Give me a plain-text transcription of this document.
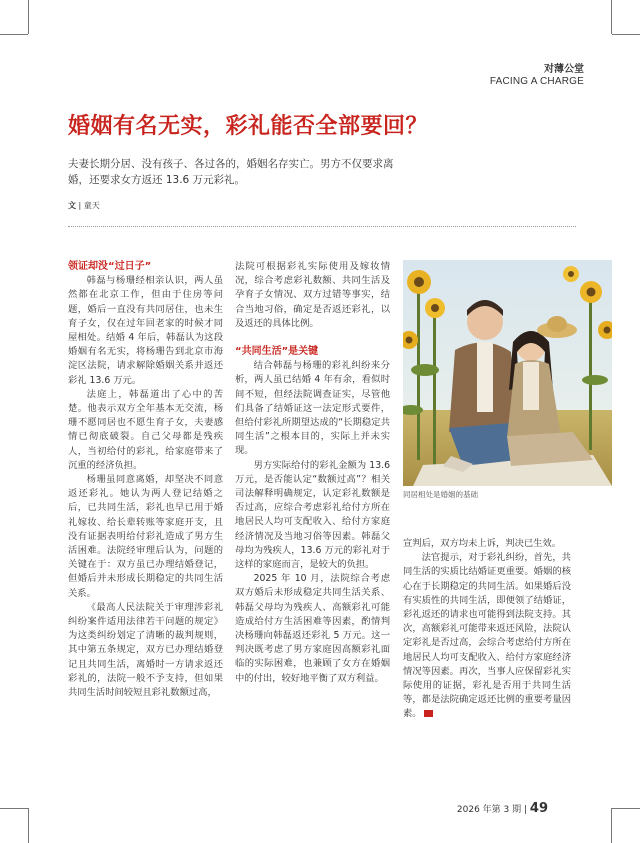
对薄公堂
FACING A CHARGE
婚姻有名无实，彩礼能否全部要回？

夫妻长期分居、没有孩子、各过各的，婚姻名存实亡。男方不仅要求离婚，还要求女方返还 13.6 万元彩礼。

文 | 童天
领证却没“过日子”

韩磊与杨珊经相亲认识，两人虽然都在北京工作，但由于住房等问题，婚后一直没有共同居住，也未生育子女，仅在过年回老家的时候才同屋相处。结婚 4 年后，韩磊认为这段婚姻有名无实，将杨珊告到北京市海淀区法院，请求解除婚姻关系并返还彩礼 13.6 万元。

法庭上，韩磊道出了心中的苦楚。他表示双方全年基本无交流，杨珊不愿同居也不愿生育子女，夫妻感情已彻底破裂。自己父母都是残疾人，当初给付的彩礼，给家庭带来了沉重的经济负担。

杨珊虽同意离婚，却坚决不同意返还彩礼。她认为两人登记结婚之后，已共同生活，彩礼也早已用于婚礼嫁妆、给长辈转账等家庭开支，且没有证据表明给付彩礼造成了男方生活困难。法院经审理后认为，问题的关键在于：双方虽已办理结婚登记，但婚后并未形成长期稳定的共同生活关系。

《最高人民法院关于审理涉彩礼纠纷案件适用法律若干问题的规定》为这类纠纷划定了清晰的裁判规则，其中第五条规定，双方已办理结婚登记且共同生活，离婚时一方请求返还彩礼的，法院一般不予支持，但如果共同生活时间较短且彩礼数额过高，

法院可根据彩礼实际使用及嫁妆情况，综合考虑彩礼数额、共同生活及孕育子女情况、双方过错等事实，结合当地习俗，确定是否返还彩礼，以及返还的具体比例。

“共同生活”是关键

结合韩磊与杨珊的彩礼纠纷来分析，两人虽已结婚 4 年有余，看似时间不短，但经法院调查证实，尽管他们具备了结婚证这一法定形式要件，但给付彩礼所期望达成的“长期稳定共同生活”之根本目的，实际上并未实现。

男方实际给付的彩礼金额为 13.6 万元，是否能认定“数额过高”？相关司法解释明确规定，认定彩礼数额是否过高，应综合考虑彩礼给付方所在地居民人均可支配收入、给付方家庭经济情况及当地习俗等因素。韩磊父母均为残疾人，13.6 万元的彩礼对于这样的家庭而言，是较大的负担。

2025 年 10 月，法院综合考虑双方婚后未形成稳定共同生活关系、韩磊父母均为残疾人、高额彩礼可能造成给付方生活困难等因素，酌情判决杨珊向韩磊返还彩礼 5 万元。这一判决既考虑了男方家庭因高额彩礼面临的实际困难，也兼顾了女方在婚姻中的付出，较好地平衡了双方利益。

同居相处是婚姻的基础

宣判后，双方均未上诉，判决已生效。

法官提示，对于彩礼纠纷，首先，共同生活的实质比结婚证更重要。婚姻的核心在于长期稳定的共同生活。如果婚后没有实质性的共同生活，即便领了结婚证，彩礼返还的请求也可能得到法院支持。其次，高额彩礼可能带来返还风险，法院认定彩礼是否过高，会综合考虑给付方所在地居民人均可支配收入、给付方家庭经济情况等因素。再次，当事人应保留彩礼实际使用的证据，彩礼是否用于共同生活等，都是法院确定返还比例的重要考量因素。

2026 年第 3 期 | 49
